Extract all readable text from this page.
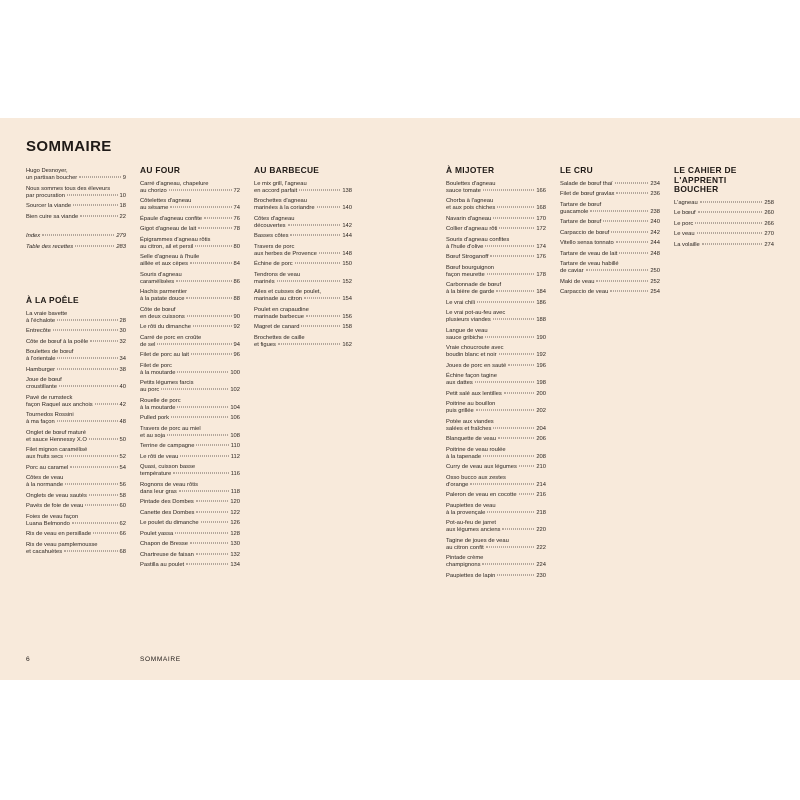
SOMMAIRE
Hugo Desnoyer,
un partisan boucher	9
Nous sommes tous des éleveurs
par procuration	10
Sourcer la viande	18
Bien cuire sa viande	22
Index	279
Table des recettes	283
À LA POÊLE
La vraie bavette
à l'échalote	28
Entrecôte	30
Côte de bœuf à la poêle	32
Boulettes de bœuf
à l'orientale	34
Hamburger	38
Joue de bœuf
croustillante	40
Pavé de rumsteck
façon Raquel aux anchois	42
Tournedos Rossini
à ma façon	48
Onglet de bœuf maturé
et sauce Hennessy X.O	50
Filet mignon caramélisé
aux fruits secs	52
Porc au caramel	54
Côtes de veau
à la normande	56
Onglets de veau sautés	58
Pavés de foie de veau	60
Foies de veau façon
Luana Belmondo	62
Ris de veau en persillade	66
Ris de veau pamplemousse
et cacahuètes	68
AU FOUR
Carré d'agneau, chapelure
au chorizo	72
Côtelettes d'agneau
au sésame	74
Épaule d'agneau confite	76
Gigot d'agneau de lait	78
Épigrammes d'agneau rôtis
au citron, ail et persil	80
Selle d'agneau à l'huile
aillée et aux cèpes	84
Souris d'agneau
caramélisées	86
Hachis parmentier
à la patate douce	88
Côte de bœuf
en deux cuissons	90
Le rôti du dimanche	92
Carré de porc en croûte
de sel	94
Filet de porc au lait	96
Filet de porc
à la moutarde	100
Petits légumes farcis
au porc	102
Rouelle de porc
à la moutarde	104
Pulled pork	106
Travers de porc au miel
et au soja	108
Terrine de campagne	110
Le rôti de veau	112
Quasi, cuisson basse
température	116
Rognons de veau rôtis
dans leur gras	118
Pintade des Dombes	120
Canette des Dombes	122
Le poulet du dimanche	126
Poulet yassa	128
Chapon de Bresse	130
Chartreuse de faisan	132
Pastilla au poulet	134
AU BARBECUE
Le mix grill, l'agneau
en accord parfait	138
Brochettes d'agneau
marinées à la coriandre	140
Côtes d'agneau
découvertes	142
Basses côtes	144
Travers de porc
aux herbes de Provence	148
Échine de porc	150
Tendrons de veau
marinés	152
Ailes et cuisses de poulet,
marinade au citron	154
Poulet en crapaudine
marinade barbecue	156
Magret de canard	158
Brochettes de caille
et figues	162
À MIJOTER
Boulettes d'agneau
sauce tomate	166
Chorba à l'agneau
et aux pois chiches	168
Navarin d'agneau	170
Collier d'agneau rôti	172
Souris d'agneau confites
à l'huile d'olive	174
Bœuf Stroganoff	176
Bœuf bourguignon
façon meurette	178
Carbonnade de bœuf
à la bière de garde	184
Le vrai chili	186
Le vrai pot-au-feu avec
plusieurs viandes	188
Langue de veau
sauce gribiche	190
Vraie choucroute avec
boudin blanc et noir	192
Joues de porc en sauté	196
Échine façon tagine
aux dattes	198
Petit salé aux lentilles	200
Poitrine au bouillon
puis grillée	202
Potée aux viandes
salées et fraîches	204
Blanquette de veau	206
Poitrine de veau roulée
à la tapenade	208
Curry de veau aux légumes	210
Osso bucco aux zestes
d'orange	214
Paleron de veau en cocotte	216
Paupiettes de veau
à la provençale	218
Pot-au-feu de jarret
aux légumes anciens	220
Tagine de joues de veau
au citron confit	222
Pintade crème
champignons	224
Paupiettes de lapin	230
LE CRU
Salade de bœuf thaï	234
Filet de bœuf gravlax	236
Tartare de bœuf
guacamole	238
Tartare de bœuf	240
Carpaccio de bœuf	242
Vitello sensa tonnato	244
Tartare de veau de lait	248
Tartare de veau habillé
de caviar	250
Maki de veau	252
Carpaccio de veau	254
LE CAHIER DE L'APPRENTI BOUCHER
L'agneau	258
Le bœuf	260
Le porc	266
Le veau	270
La volaille	274
6	SOMMAIRE
